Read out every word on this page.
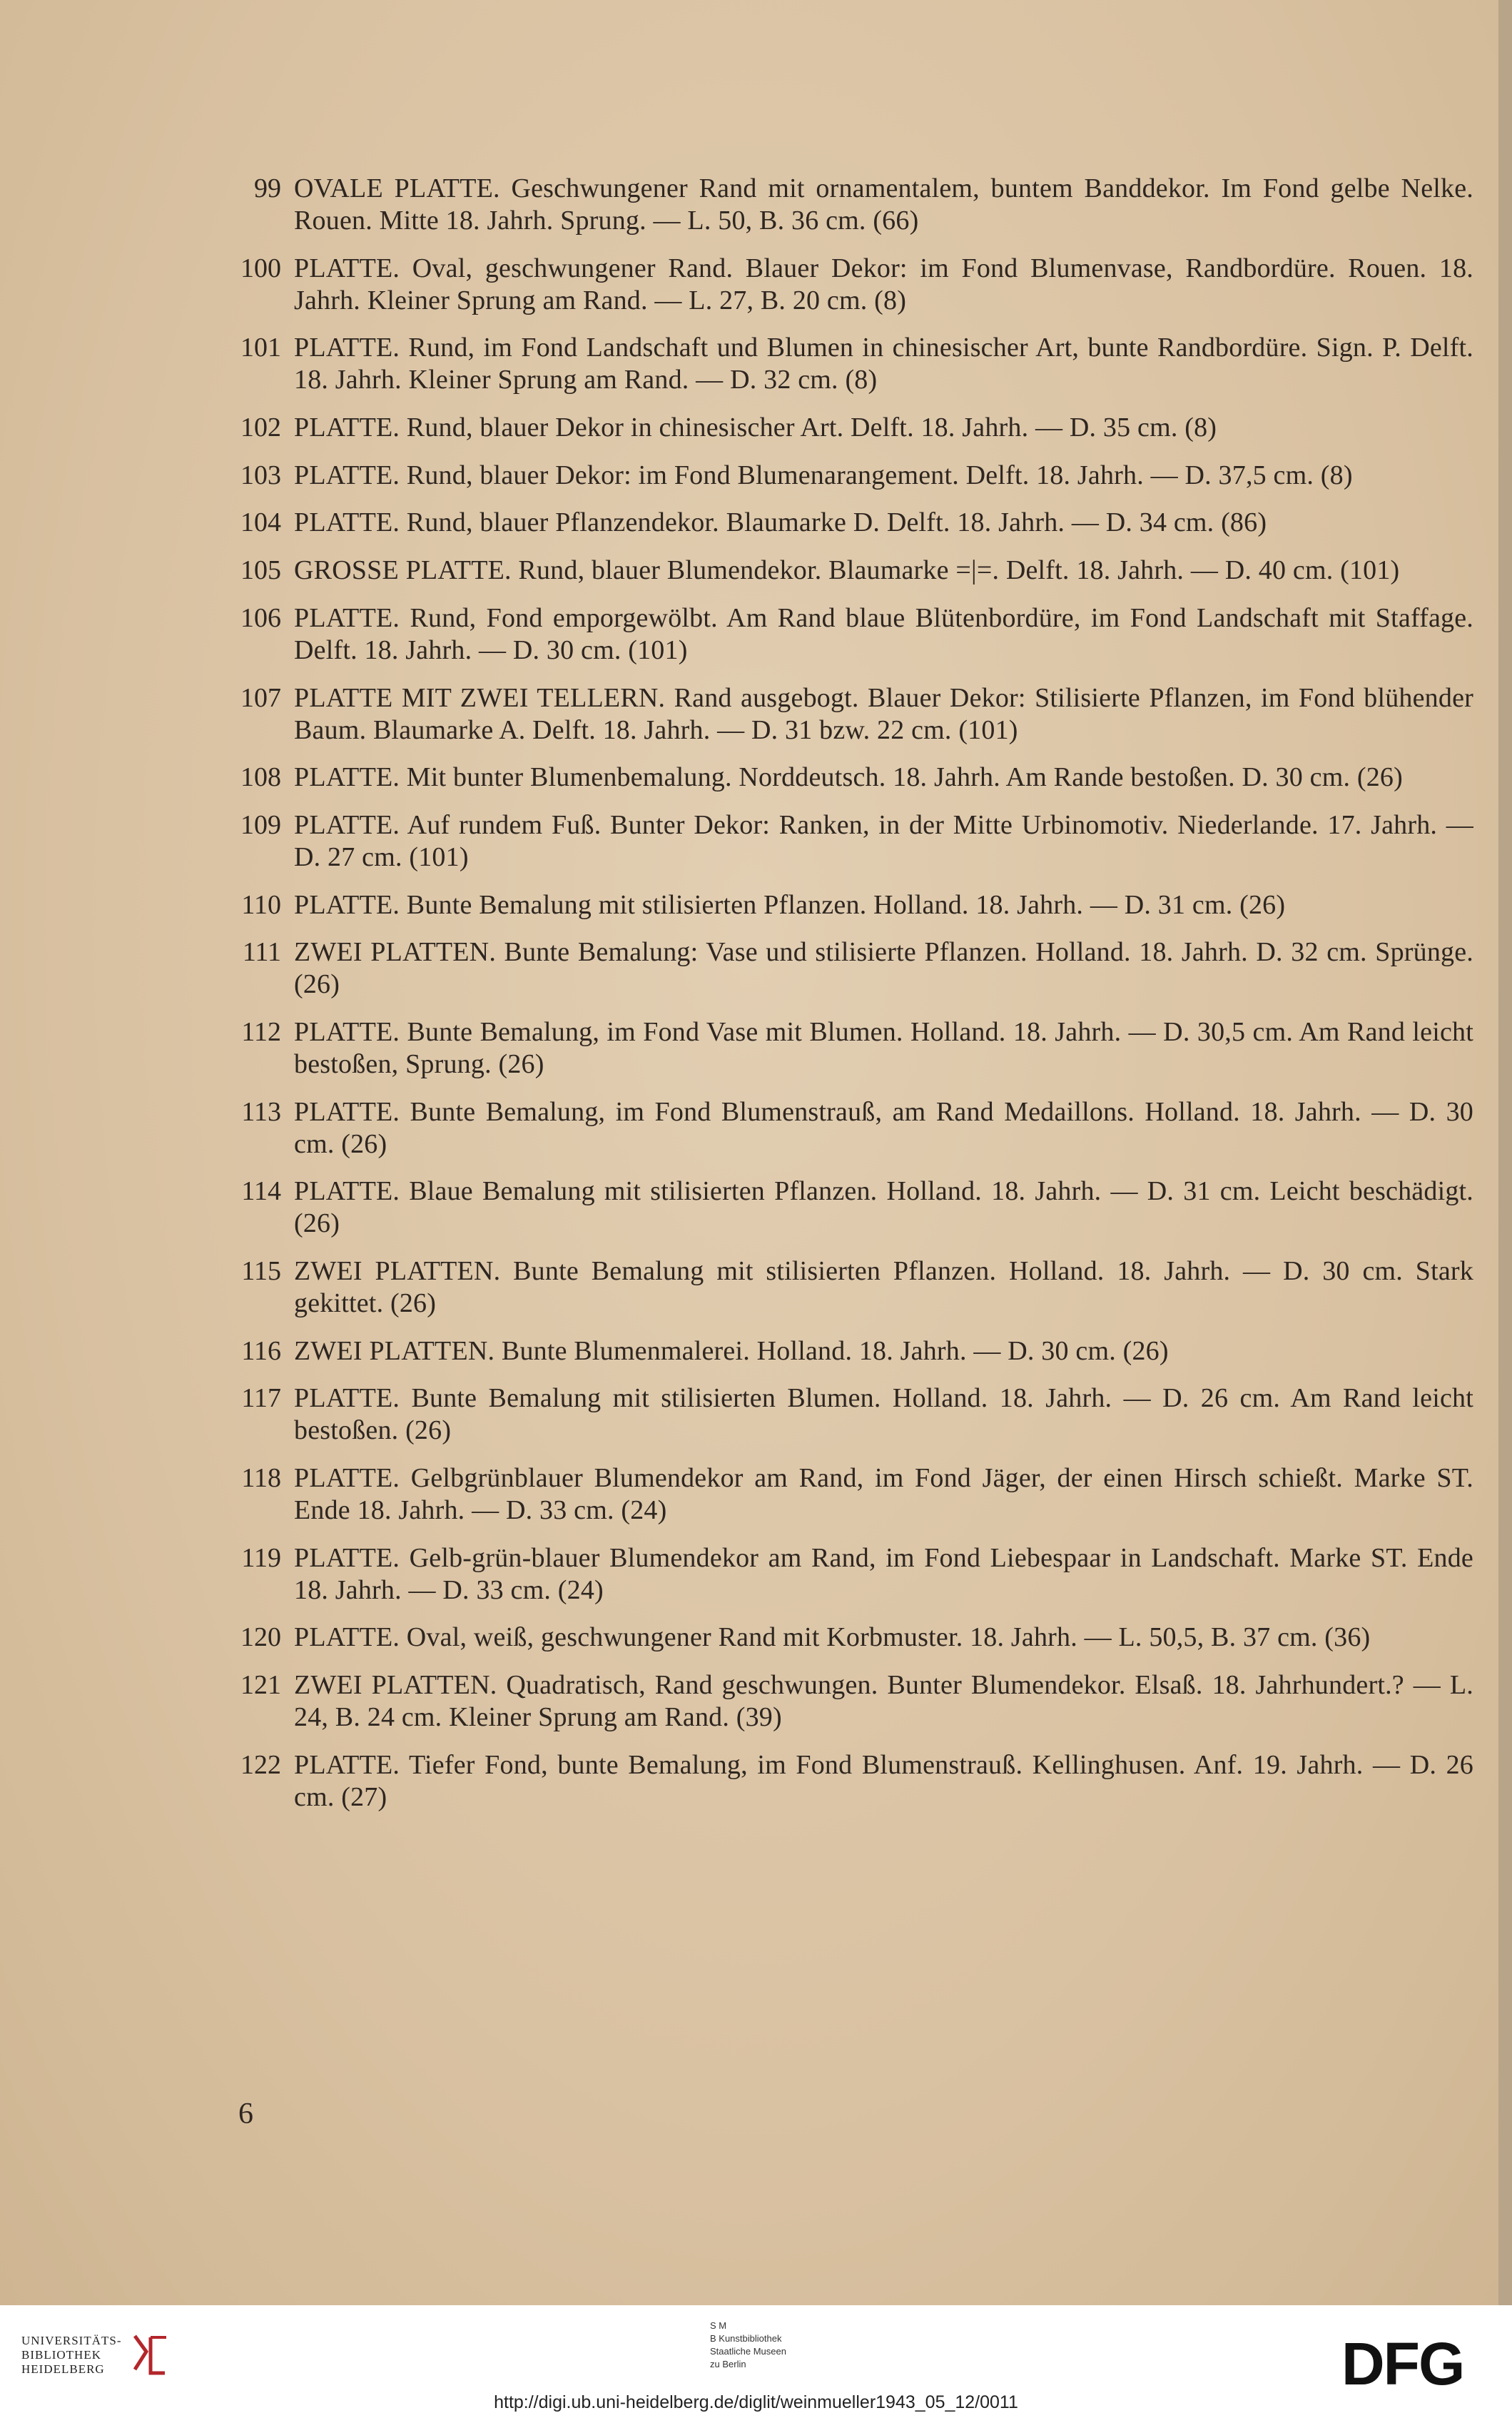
99 OVALE PLATTE. Geschwungener Rand mit ornamentalem, buntem Banddekor. Im Fond gelbe Nelke. Rouen. Mitte 18. Jahrh. Sprung. — L. 50, B. 36 cm. (66)
100 PLATTE. Oval, geschwungener Rand. Blauer Dekor: im Fond Blumenvase, Randbordüre. Rouen. 18. Jahrh. Kleiner Sprung am Rand. — L. 27, B. 20 cm. (8)
101 PLATTE. Rund, im Fond Landschaft und Blumen in chinesischer Art, bunte Randbordüre. Sign. P. Delft. 18. Jahrh. Kleiner Sprung am Rand. — D. 32 cm. (8)
102 PLATTE. Rund, blauer Dekor in chinesischer Art. Delft. 18. Jahrh. — D. 35 cm. (8)
103 PLATTE. Rund, blauer Dekor: im Fond Blumenarangement. Delft. 18. Jahrh. — D. 37,5 cm. (8)
104 PLATTE. Rund, blauer Pflanzendekor. Blaumarke D. Delft. 18. Jahrh. — D. 34 cm. (86)
105 GROSSE PLATTE. Rund, blauer Blumendekor. Blaumarke =|=. Delft. 18. Jahrh. — D. 40 cm. (101)
106 PLATTE. Rund, Fond emporgewölbt. Am Rand blaue Blütenbordüre, im Fond Landschaft mit Staffage. Delft. 18. Jahrh. — D. 30 cm. (101)
107 PLATTE MIT ZWEI TELLERN. Rand ausgebogt. Blauer Dekor: Stilisierte Pflanzen, im Fond blühender Baum. Blaumarke A. Delft. 18. Jahrh. — D. 31 bzw. 22 cm. (101)
108 PLATTE. Mit bunter Blumenbemalung. Norddeutsch. 18. Jahrh. Am Rande bestoßen. D. 30 cm. (26)
109 PLATTE. Auf rundem Fuß. Bunter Dekor: Ranken, in der Mitte Urbinomotiv. Niederlande. 17. Jahrh. — D. 27 cm. (101)
110 PLATTE. Bunte Bemalung mit stilisierten Pflanzen. Holland. 18. Jahrh. — D. 31 cm. (26)
111 ZWEI PLATTEN. Bunte Bemalung: Vase und stilisierte Pflanzen. Holland. 18. Jahrh. D. 32 cm. Sprünge. (26)
112 PLATTE. Bunte Bemalung, im Fond Vase mit Blumen. Holland. 18. Jahrh. — D. 30,5 cm. Am Rand leicht bestoßen, Sprung. (26)
113 PLATTE. Bunte Bemalung, im Fond Blumenstrauß, am Rand Medaillons. Holland. 18. Jahrh. — D. 30 cm. (26)
114 PLATTE. Blaue Bemalung mit stilisierten Pflanzen. Holland. 18. Jahrh. — D. 31 cm. Leicht beschädigt. (26)
115 ZWEI PLATTEN. Bunte Bemalung mit stilisierten Pflanzen. Holland. 18. Jahrh. — D. 30 cm. Stark gekittet. (26)
116 ZWEI PLATTEN. Bunte Blumenmalerei. Holland. 18. Jahrh. — D. 30 cm. (26)
117 PLATTE. Bunte Bemalung mit stilisierten Blumen. Holland. 18. Jahrh. — D. 26 cm. Am Rand leicht bestoßen. (26)
118 PLATTE. Gelbgrünblauer Blumendekor am Rand, im Fond Jäger, der einen Hirsch schießt. Marke ST. Ende 18. Jahrh. — D. 33 cm. (24)
119 PLATTE. Gelb-grün-blauer Blumendekor am Rand, im Fond Liebespaar in Landschaft. Marke ST. Ende 18. Jahrh. — D. 33 cm. (24)
120 PLATTE. Oval, weiß, geschwungener Rand mit Korbmuster. 18. Jahrh. — L. 50,5, B. 37 cm. (36)
121 ZWEI PLATTEN. Quadratisch, Rand geschwungen. Bunter Blumendekor. Elsaß. 18. Jahrhundert.? — L. 24, B. 24 cm. Kleiner Sprung am Rand. (39)
122 PLATTE. Tiefer Fond, bunte Bemalung, im Fond Blumenstrauß. Kellinghusen. Anf. 19. Jahrh. — D. 26 cm. (27)
6
UNIVERSITÄTS-
BIBLIOTHEK
HEIDELBERG
S M
B Kunstbibliothek
Staatliche Museen
zu Berlin	DFG
http://digi.ub.uni-heidelberg.de/diglit/weinmueller1943_05_12/0011
